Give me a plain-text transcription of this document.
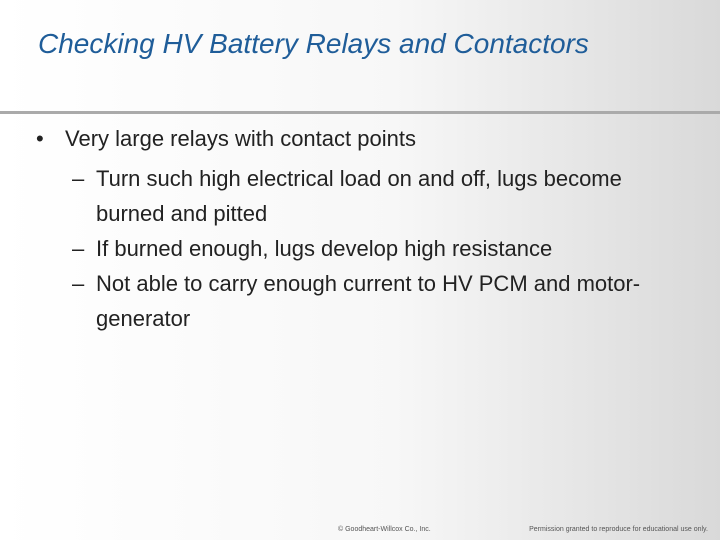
Checking HV Battery Relays and Contactors
• Very large relays with contact points
– Turn such high electrical load on and off, lugs become burned and pitted
– If burned enough, lugs develop high resistance
– Not able to carry enough current to HV PCM and motor-generator
© Goodheart-Willcox Co., Inc.	Permission granted to reproduce for educational use only.
